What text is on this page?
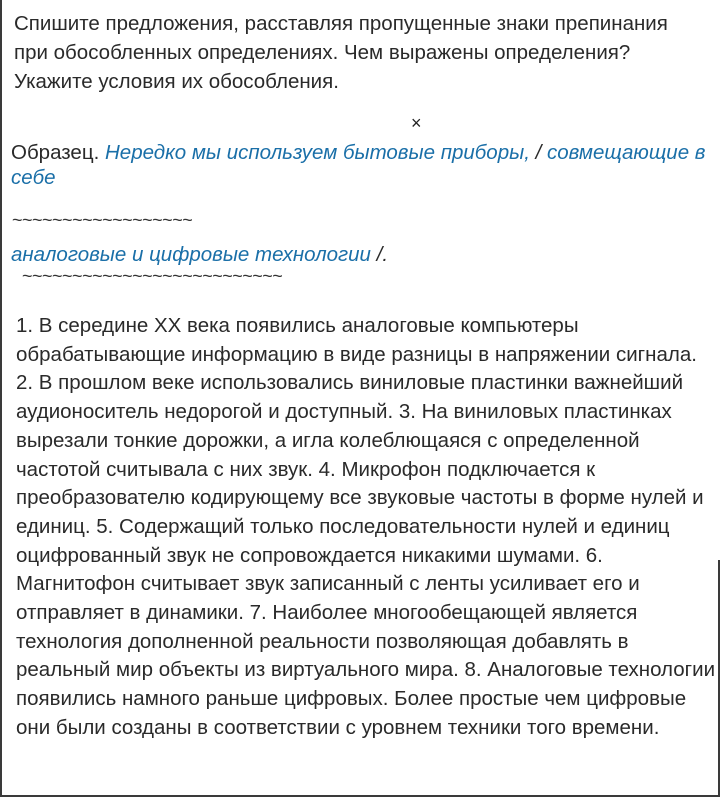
Спишите предложения, расставляя пропущенные знаки препинания при обособленных определениях. Чем выражены определения? Укажите условия их обособления.
×
Образец. Нередко мы используем бытовые приборы, / совмещающие в себе
~~~~~~~~~~~~~~~~~~
аналоговые и цифровые технологии /.
~~~~~~~~~~~~~~~~~~~~~~~~~~
1. В середине XX века появились аналоговые компьютеры обрабатывающие информацию в виде разницы в напряжении сигнала. 2. В прошлом веке использовались виниловые пластинки важнейший аудионоситель недорогой и доступный. 3. На виниловых пластинках вырезали тонкие дорожки, а игла колеблющаяся с определенной частотой считывала с них звук. 4. Микрофон подключается к преобразователю кодирующему все звуковые частоты в форме нулей и единиц. 5. Содержащий только последовательности нулей и единиц оцифрованный звук не сопровождается никакими шумами. 6. Магнитофон считывает звук записанный с ленты усиливает его и отправляет в динамики. 7. Наиболее многообещающей является технология дополненной реальности позволяющая добавлять в реальный мир объекты из виртуального мира. 8. Аналоговые технологии появились намного раньше цифровых. Более простые чем цифровые они были созданы в соответствии с уровнем техники того времени.
